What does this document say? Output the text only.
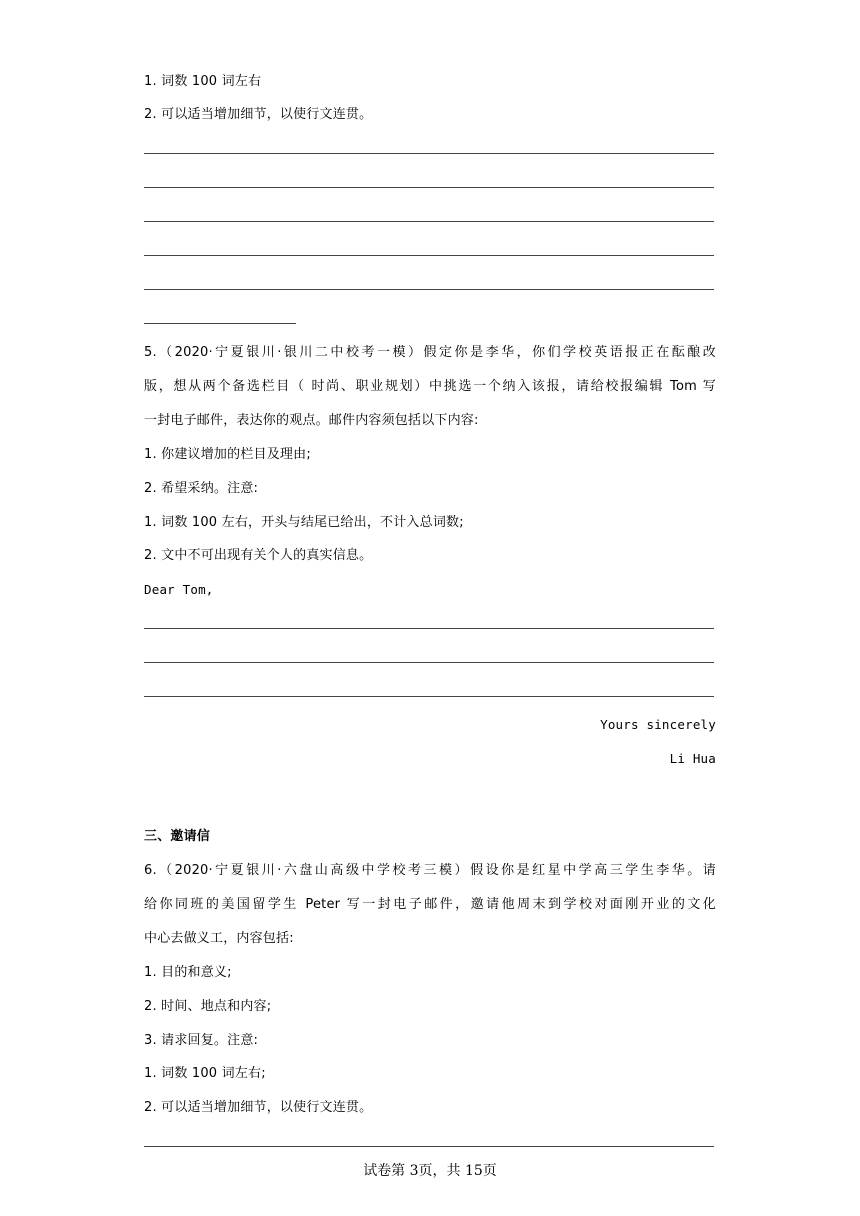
1. 词数 100 词左右
2. 可以适当增加细节，以使行文连贯。
5.（2020·宁夏银川·银川二中校考一模）假定你是李华，你们学校英语报正在酝酿改
版，想从两个备选栏目（ 时尚、职业规划）中挑选一个纳入该报，请给校报编辑 Tom 写
一封电子邮件，表达你的观点。邮件内容须包括以下内容:
1. 你建议增加的栏目及理由;
2. 希望采纳。注意:
1. 词数 100 左右，开头与结尾已给出，不计入总词数;
2. 文中不可出现有关个人的真实信息。
Dear Tom,
Yours sincerely
Li Hua
三、邀请信
6.（2020·宁夏银川·六盘山高级中学校考三模）假设你是红星中学高三学生李华。请
给你同班的美国留学生 Peter 写一封电子邮件，邀请他周末到学校对面刚开业的文化
中心去做义工，内容包括:
1. 目的和意义;
2. 时间、地点和内容;
3. 请求回复。注意:
1. 词数 100 词左右;
2. 可以适当增加细节，以使行文连贯。
试卷第 3页，共 15页
